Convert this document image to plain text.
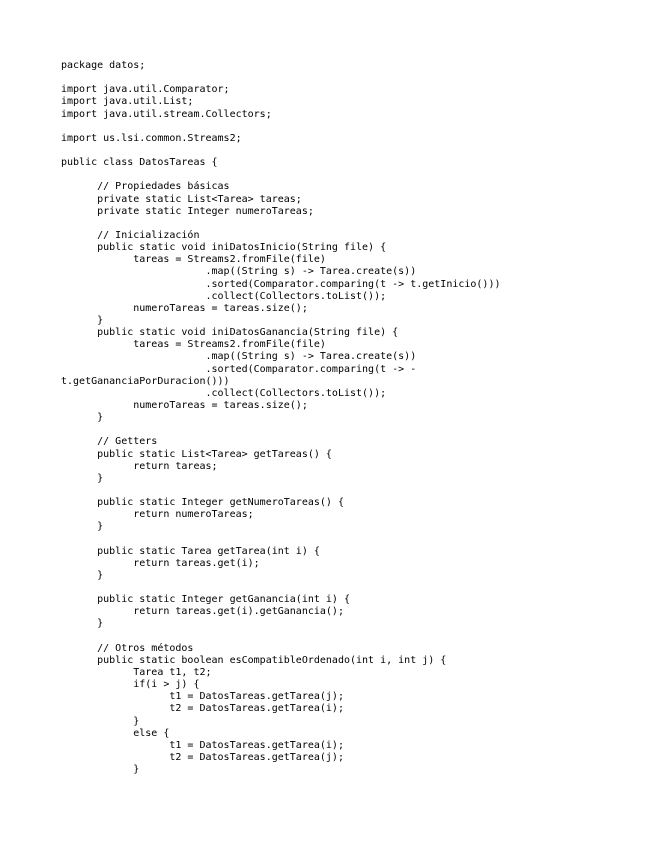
package datos;
import java.util.Comparator;
import java.util.List;
import java.util.stream.Collectors;
import us.lsi.common.Streams2;
public class DatosTareas {
// Propiedades básicas
private static List<Tarea> tareas;
private static Integer numeroTareas;
// Inicialización
public static void iniDatosInicio(String file) {
tareas = Streams2.fromFile(file)
.map((String s) -> Tarea.create(s))
.sorted(Comparator.comparing(t -> t.getInicio()))
.collect(Collectors.toList());
numeroTareas = tareas.size();
}
public static void iniDatosGanancia(String file) {
tareas = Streams2.fromFile(file)
.map((String s) -> Tarea.create(s))
.sorted(Comparator.comparing(t -> -
t.getGananciaPorDuracion()))
.collect(Collectors.toList());
numeroTareas = tareas.size();
}
// Getters
public static List<Tarea> getTareas() {
return tareas;
}
public static Integer getNumeroTareas() {
return numeroTareas;
}
public static Tarea getTarea(int i) {
return tareas.get(i);
}
public static Integer getGanancia(int i) {
return tareas.get(i).getGanancia();
}
// Otros métodos
public static boolean esCompatibleOrdenado(int i, int j) {
Tarea t1, t2;
if(i > j) {
t1 = DatosTareas.getTarea(j);
t2 = DatosTareas.getTarea(i);
}
else {
t1 = DatosTareas.getTarea(i);
t2 = DatosTareas.getTarea(j);
}
